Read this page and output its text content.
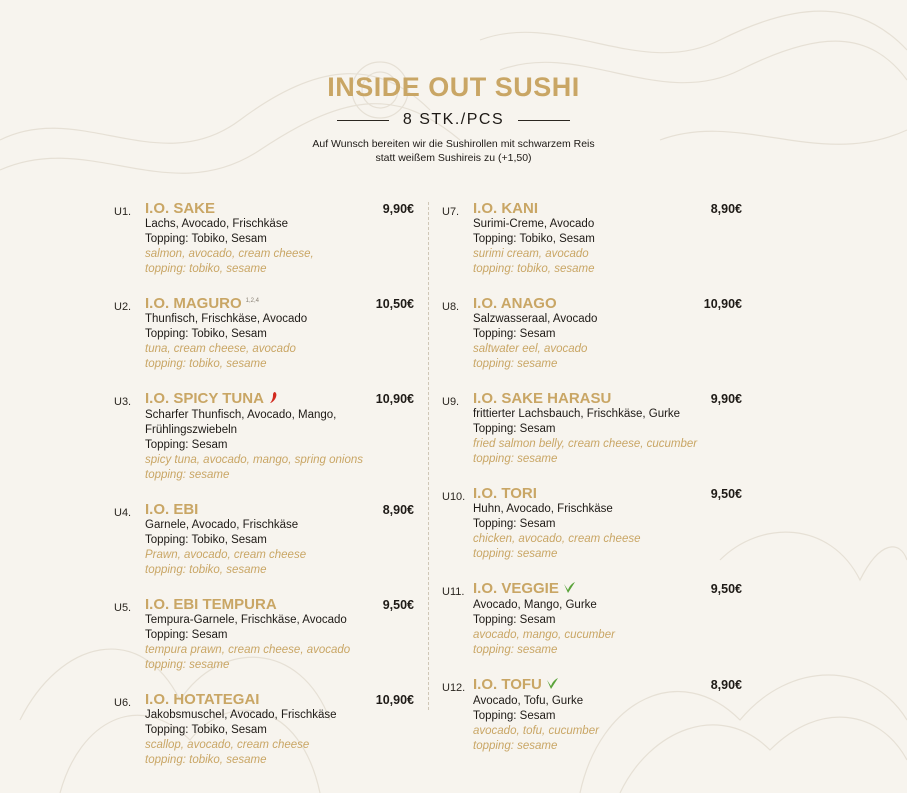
INSIDE OUT SUSHI
8 STK./PCS

Auf Wunsch bereiten wir die Sushirollen mit schwarzem Reis
statt weißem Sushireis zu (+1,50)

U1. I.O. SAKE	9,90€
Lachs, Avocado, Frischkäse
Topping: Tobiko, Sesam
salmon, avocado, cream cheese,
topping: tobiko, sesame
U2. I.O. MAGURO $^{1,2,4}$	10,50€
Thunfisch, Frischkäse, Avocado
Topping: Tobiko, Sesam
tuna, cream cheese, avocado
topping: tobiko, sesame
U3. I.O. SPICY TUNA	10,90€
Scharfer Thunfisch, Avocado, Mango,
Frühlingszwiebeln
Topping: Sesam
spicy tuna, avocado, mango, spring onions
topping: sesame
U4. I.O. EBI	8,90€
Garnele, Avocado, Frischkäse
Topping: Tobiko, Sesam
Prawn, avocado, cream cheese
topping: tobiko, sesame
U5. I.O. EBI TEMPURA	9,50€
Tempura-Garnele, Frischkäse, Avocado
Topping: Sesam
tempura prawn, cream cheese, avocado
topping: sesame
U6. I.O. HOTATEGAI	10,90€
Jakobsmuschel, Avocado, Frischkäse
Topping: Tobiko, Sesam
scallop, avocado, cream cheese
topping: tobiko, sesame
U7. I.O. KANI	8,90€
Surimi-Creme, Avocado
Topping: Tobiko, Sesam
surimi cream, avocado
topping: tobiko, sesame
U8. I.O. ANAGO	10,90€
Salzwasseraal, Avocado
Topping: Sesam
saltwater eel, avocado
topping: sesame
U9. I.O. SAKE HARASU	9,90€
frittierter Lachsbauch, Frischkäse, Gurke
Topping: Sesam
fried salmon belly, cream cheese, cucumber
topping: sesame
U10. I.O. TORI	9,50€
Huhn, Avocado, Frischkäse
Topping: Sesam
chicken, avocado, cream cheese
topping: sesame
U11. I.O. VEGGIE	9,50€
Avocado, Mango, Gurke
Topping: Sesam
avocado, mango, cucumber
topping: sesame
U12. I.O. TOFU	8,90€
Avocado, Tofu, Gurke
Topping: Sesam
avocado, tofu, cucumber
topping: sesame
